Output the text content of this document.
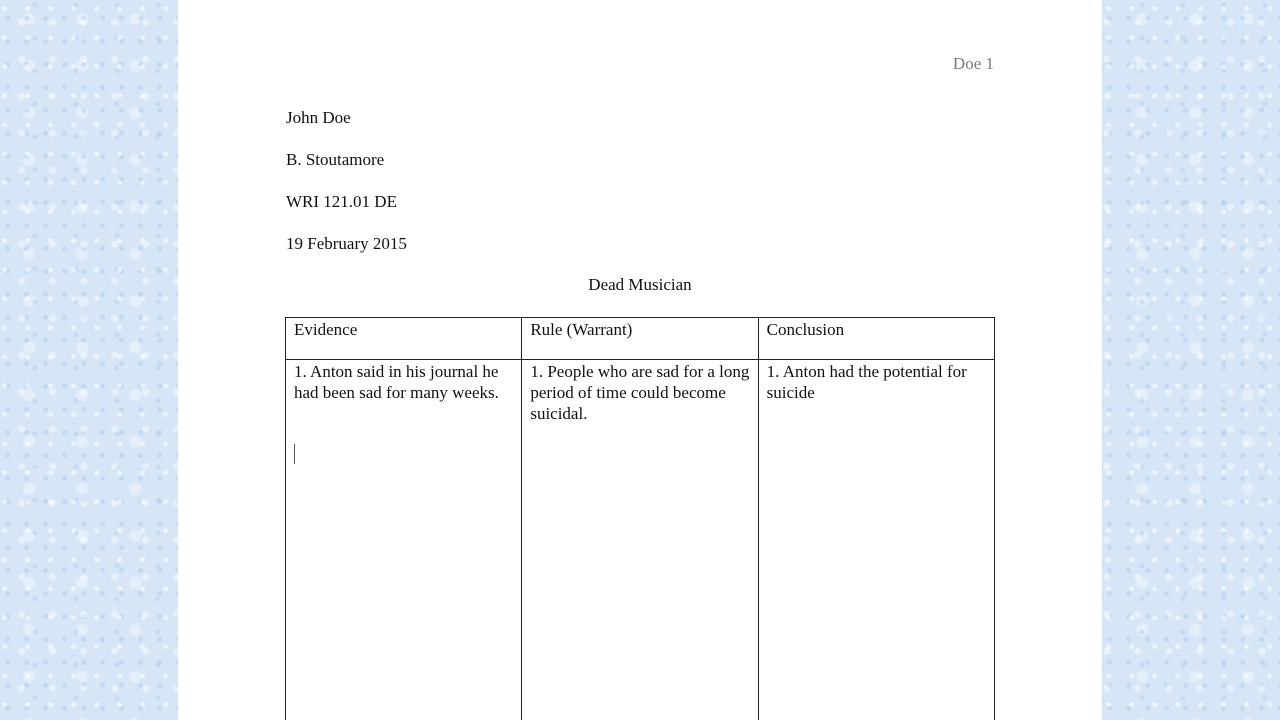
Doe 1
John Doe
B. Stoutamore
WRI 121.01 DE
19 February 2015
Dead Musician
Evidence	Rule (Warrant)	Conclusion

1. Anton said in his journal he had been sad for many weeks.	1. People who are sad for a long period of time could become suicidal.	1. Anton had the potential for suicide
